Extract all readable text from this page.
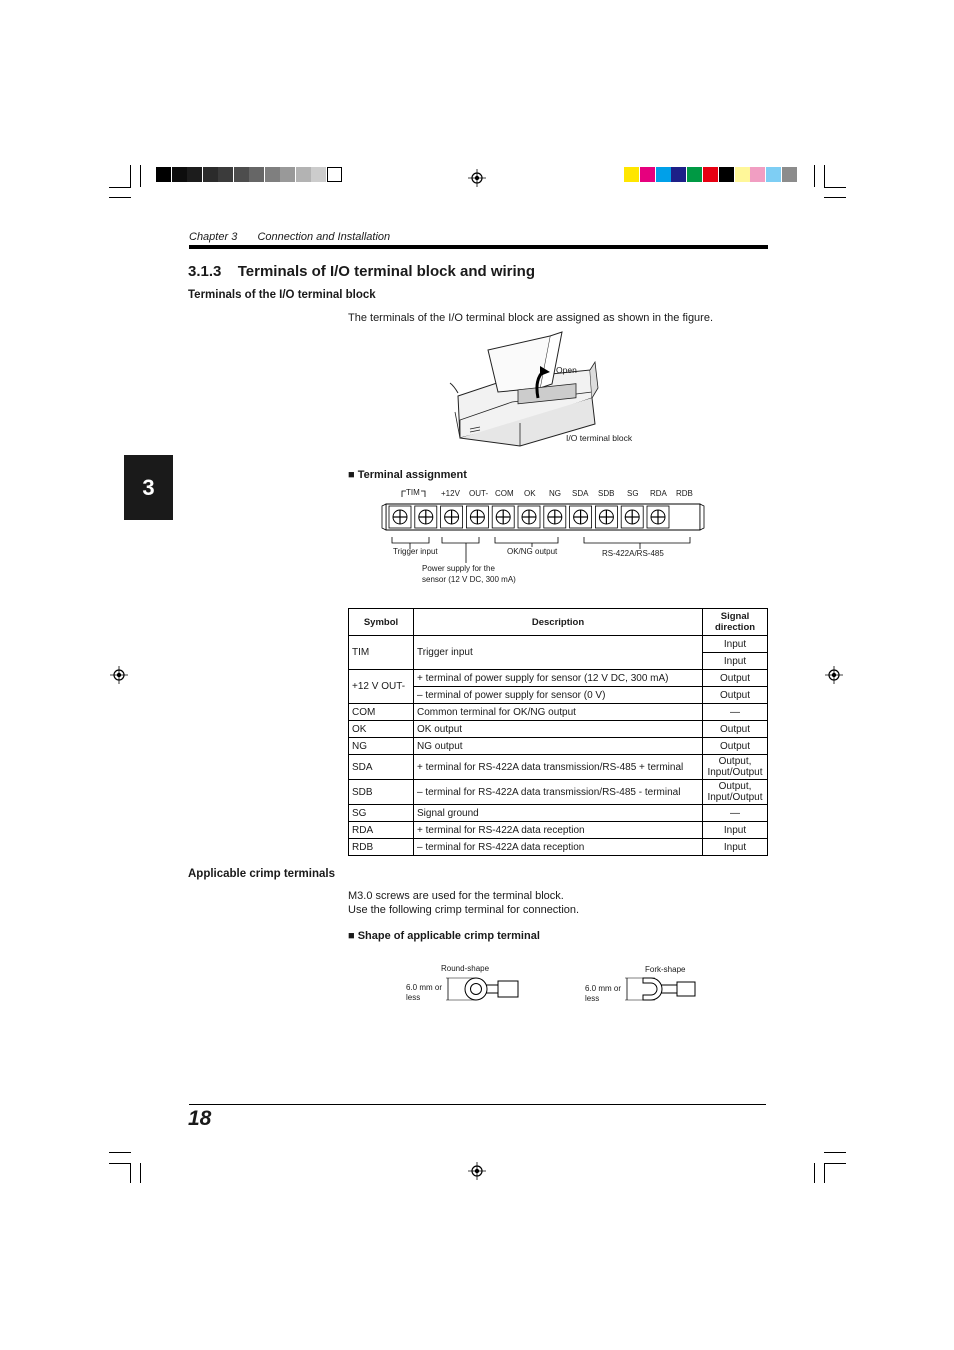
Chapter 3 Connection and Installation
3
3.1.3 Terminals of I/O terminal block and wiring
Terminals of the I/O terminal block
The terminals of the I/O terminal block are assigned as shown in the figure.
Open
I/O terminal block
■ Terminal assignment
TIM	+12V OUT- COM OK NG SDA SDB SG RDA RDB
Trigger input
Power supply for the
sensor (12 V DC, 300 mA)
OK/NG output	RS-422A/RS-485
Symbol	Description	Signal
direction

TIM	Trigger input	Input
		Input
+12 V OUT-	+ terminal of power supply for sensor (12 V DC, 300 mA)	Output
	– terminal of power supply for sensor (0 V)	Output
COM	Common terminal for OK/NG output	—
OK	OK output	Output
NG	NG output	Output
SDA	+ terminal for RS-422A data transmission/RS-485 + terminal	Output,
Input/Output

SDB	– terminal for RS-422A data transmission/RS-485 - terminal	Output,
Input/Output

SG	Signal ground	—
RDA	+ terminal for RS-422A data reception	Input
RDB	– terminal for RS-422A data reception	Input
Applicable crimp terminals
M3.0 screws are used for the terminal block.
Use the following crimp terminal for connection.
■ Shape of applicable crimp terminal
Round-shape
6.0 mm or
less
Fork-shape
6.0 mm or
less
18
